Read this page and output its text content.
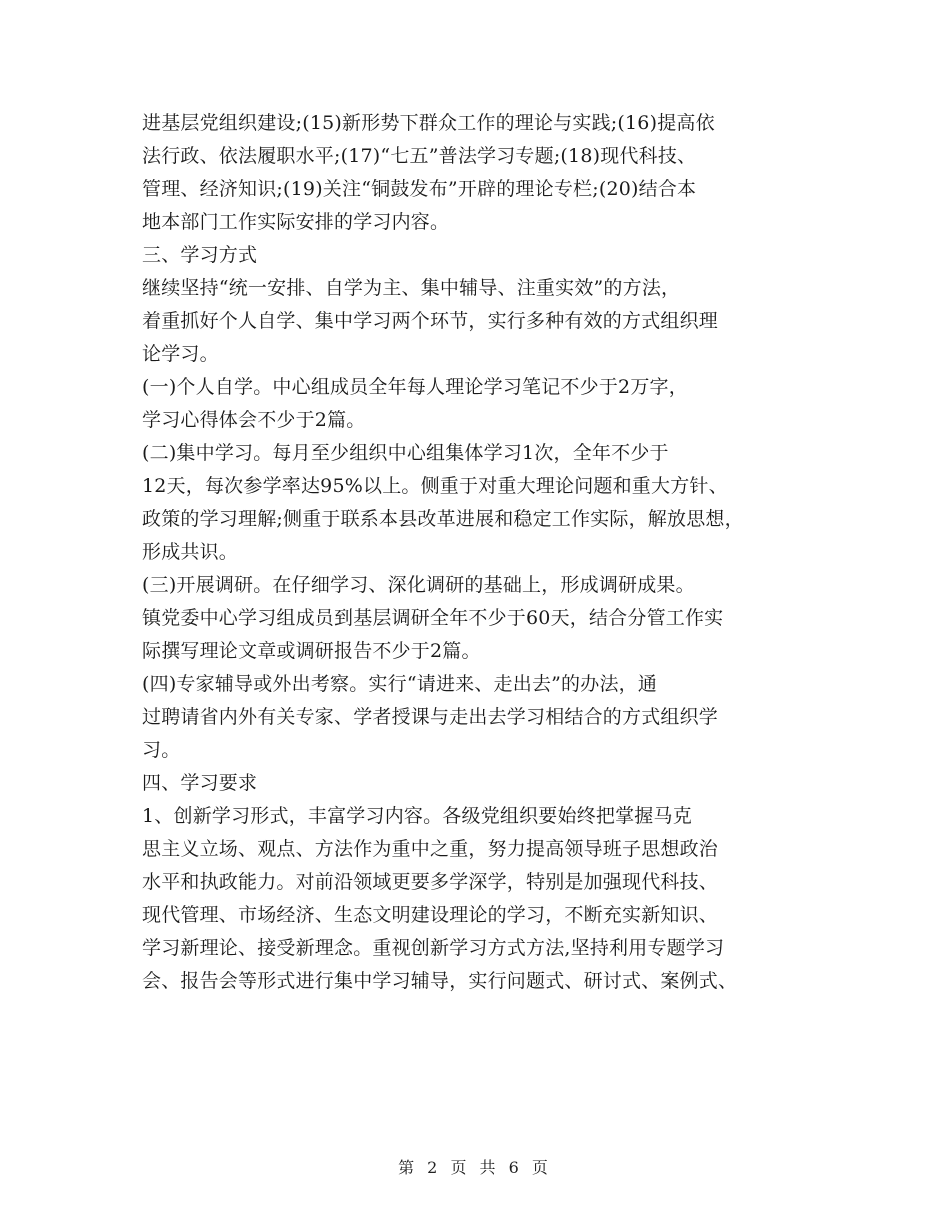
进基层党组织建设;(15)新形势下群众工作的理论与实践;(16)提高依
法行政、依法履职水平;(17)“七五”普法学习专题;(18)现代科技、
管理、经济知识;(19)关注“铜鼓发布”开辟的理论专栏;(20)结合本
地本部门工作实际安排的学习内容。
三、学习方式
继续坚持“统一安排、自学为主、集中辅导、注重实效”的方法，
着重抓好个人自学、集中学习两个环节，实行多种有效的方式组织理
论学习。
(一)个人自学。中心组成员全年每人理论学习笔记不少于2万字，
学习心得体会不少于2篇。
(二)集中学习。每月至少组织中心组集体学习1次，全年不少于
12天，每次参学率达95%以上。侧重于对重大理论问题和重大方针、
政策的学习理解;侧重于联系本县改革进展和稳定工作实际，解放思想，
形成共识。
(三)开展调研。在仔细学习、深化调研的基础上，形成调研成果。
镇党委中心学习组成员到基层调研全年不少于60天，结合分管工作实
际撰写理论文章或调研报告不少于2篇。
(四)专家辅导或外出考察。实行“请进来、走出去”的办法，通
过聘请省内外有关专家、学者授课与走出去学习相结合的方式组织学
习。
四、学习要求
1、创新学习形式，丰富学习内容。各级党组织要始终把掌握马克
思主义立场、观点、方法作为重中之重，努力提高领导班子思想政治
水平和执政能力。对前沿领域更要多学深学，特别是加强现代科技、
现代管理、市场经济、生态文明建设理论的学习，不断充实新知识、
学习新理论、接受新理念。重视创新学习方式方法,坚持利用专题学习
会、报告会等形式进行集中学习辅导，实行问题式、研讨式、案例式、
第 2 页 共 6 页
